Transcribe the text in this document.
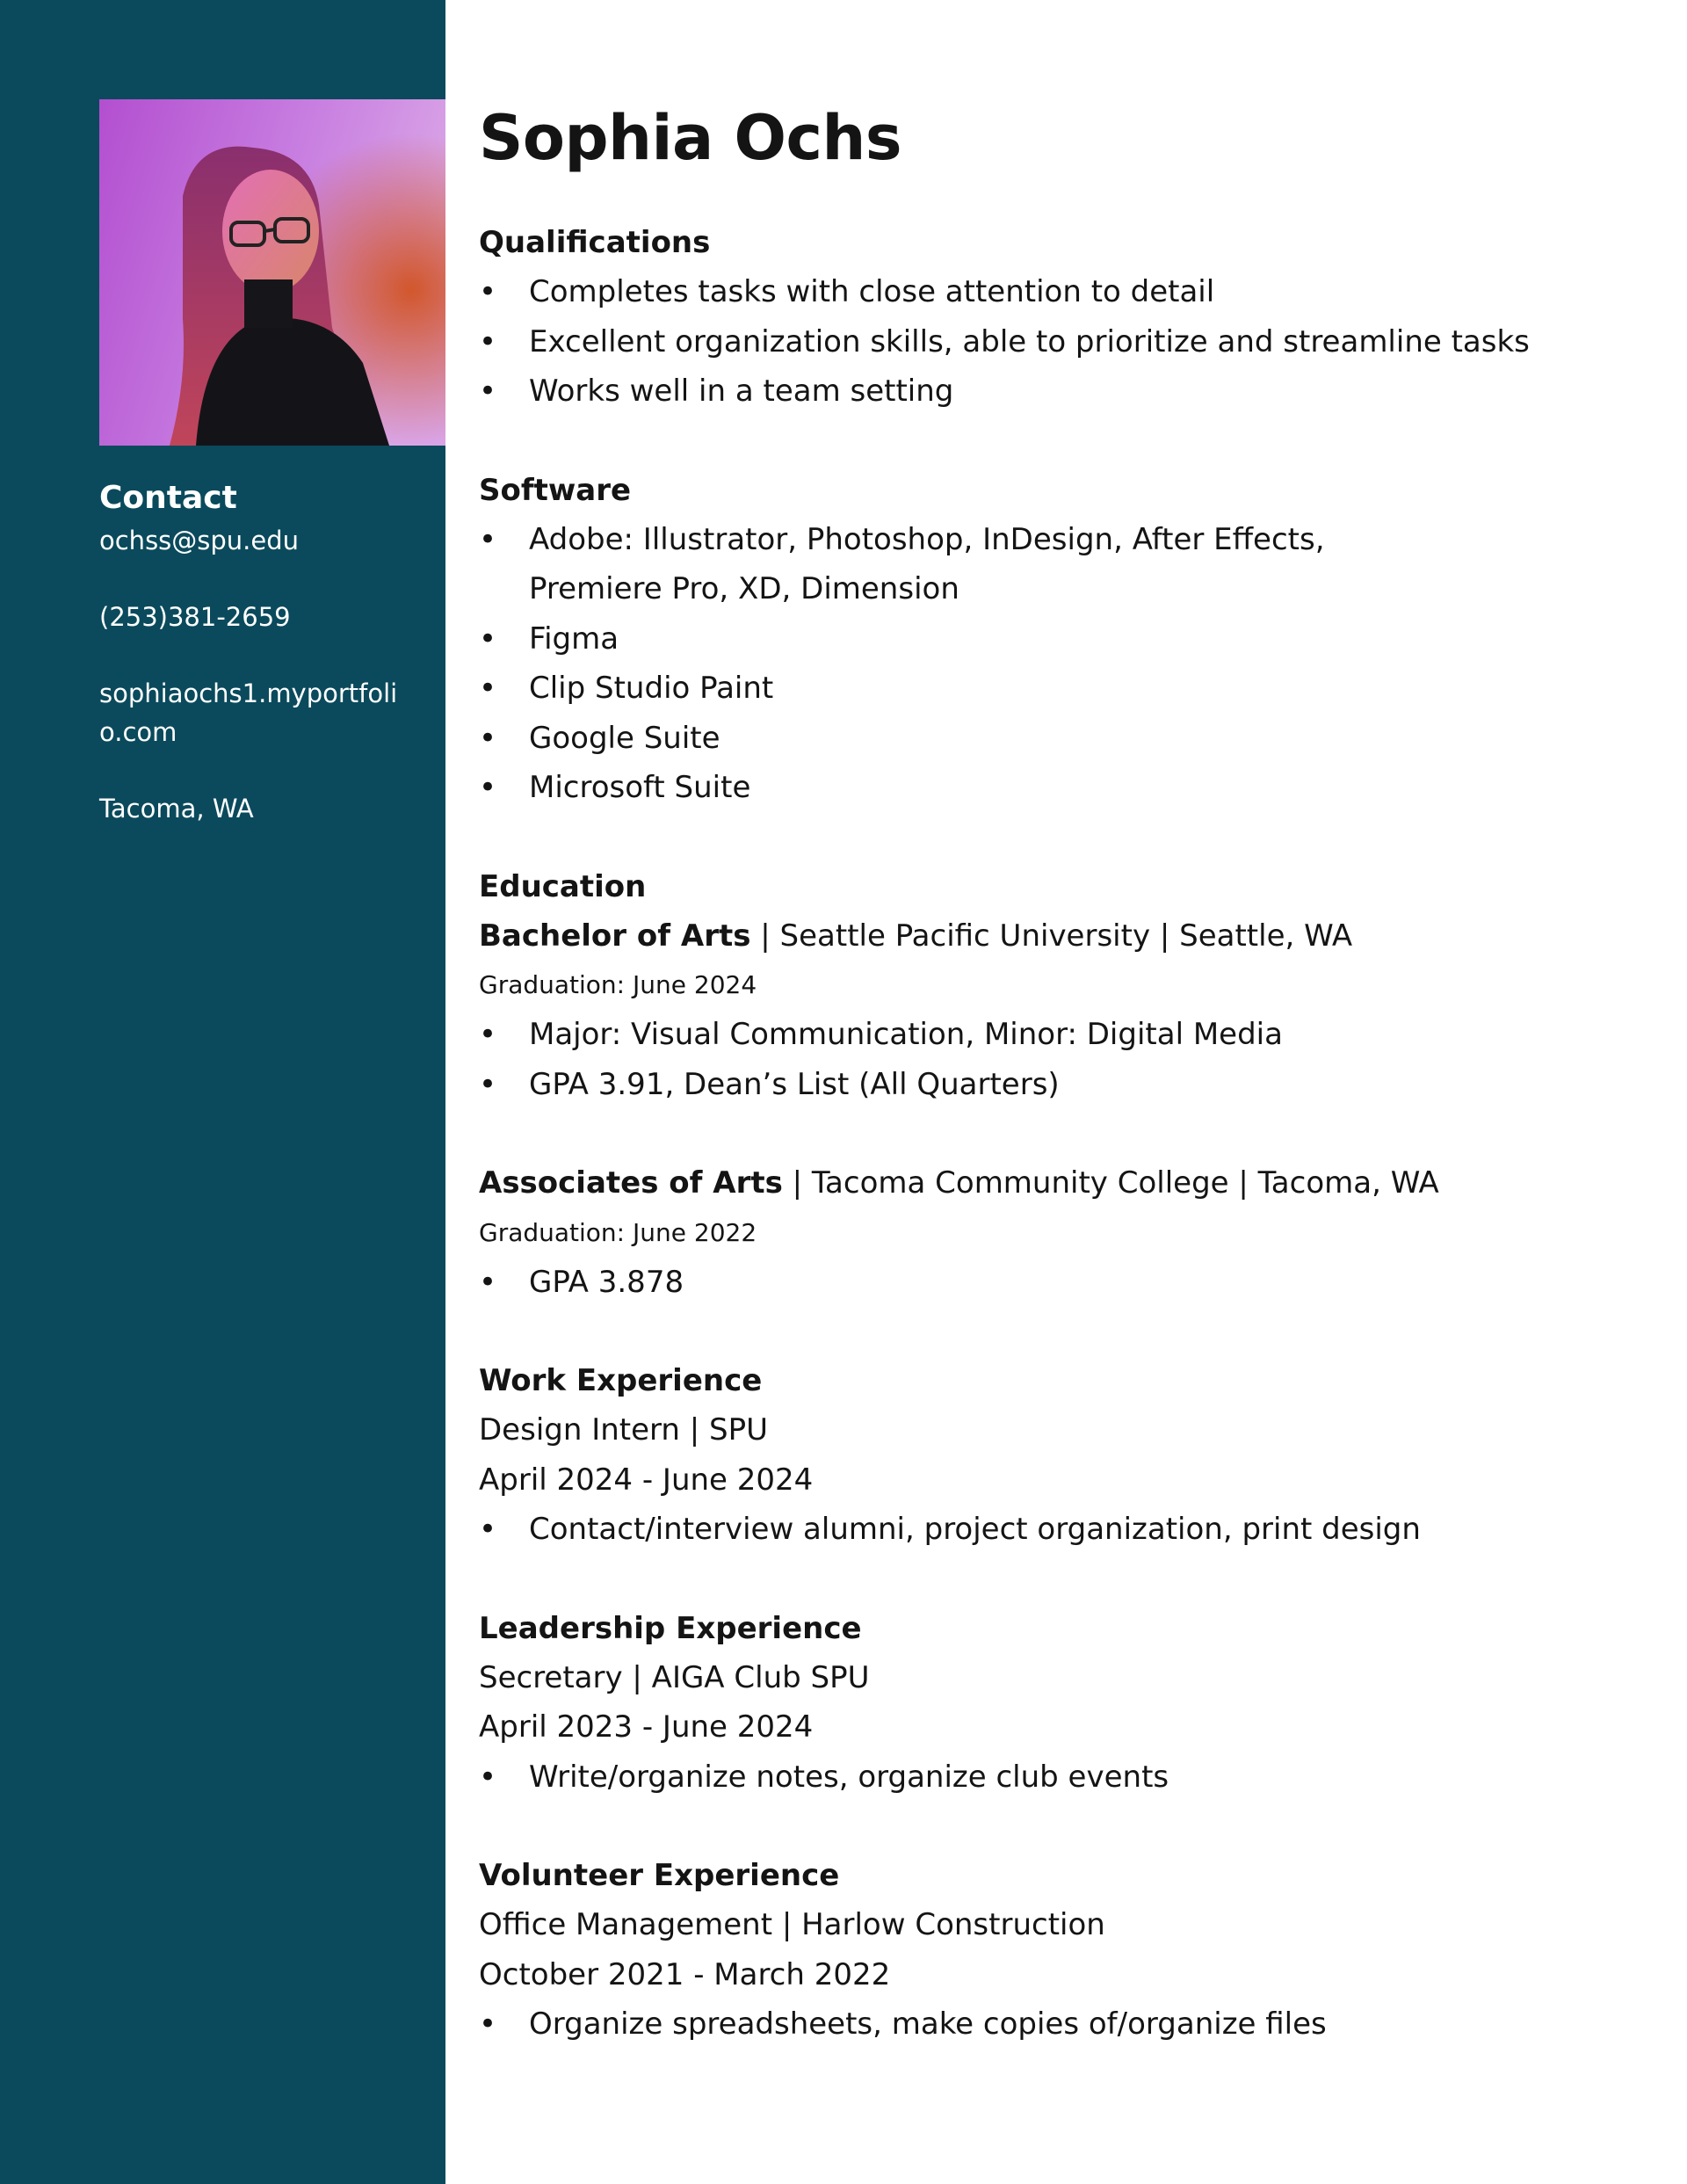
Contact
ochss@spu.edu
(253)381-2659
sophiaochs1.myportfolio.com
Tacoma, WA
Sophia Ochs
Qualifications
• Completes tasks with close attention to detail
• Excellent organization skills, able to prioritize and streamline tasks
• Works well in a team setting
Software
• Adobe: Illustrator, Photoshop, InDesign, After Effects, Premiere Pro, XD, Dimension
• Figma
• Clip Studio Paint
• Google Suite
• Microsoft Suite
Education
Bachelor of Arts | Seattle Pacific University | Seattle, WA
Graduation: June 2024
• Major: Visual Communication, Minor: Digital Media
• GPA 3.91, Dean’s List (All Quarters)
Associates of Arts | Tacoma Community College | Tacoma, WA
Graduation: June 2022
• GPA 3.878
Work Experience
Design Intern | SPU
April 2024 - June 2024
• Contact/interview alumni, project organization, print design
Leadership Experience
Secretary | AIGA Club SPU
April 2023 - June 2024
• Write/organize notes, organize club events
Volunteer Experience
Office Management | Harlow Construction
October 2021 - March 2022
• Organize spreadsheets, make copies of/organize files
